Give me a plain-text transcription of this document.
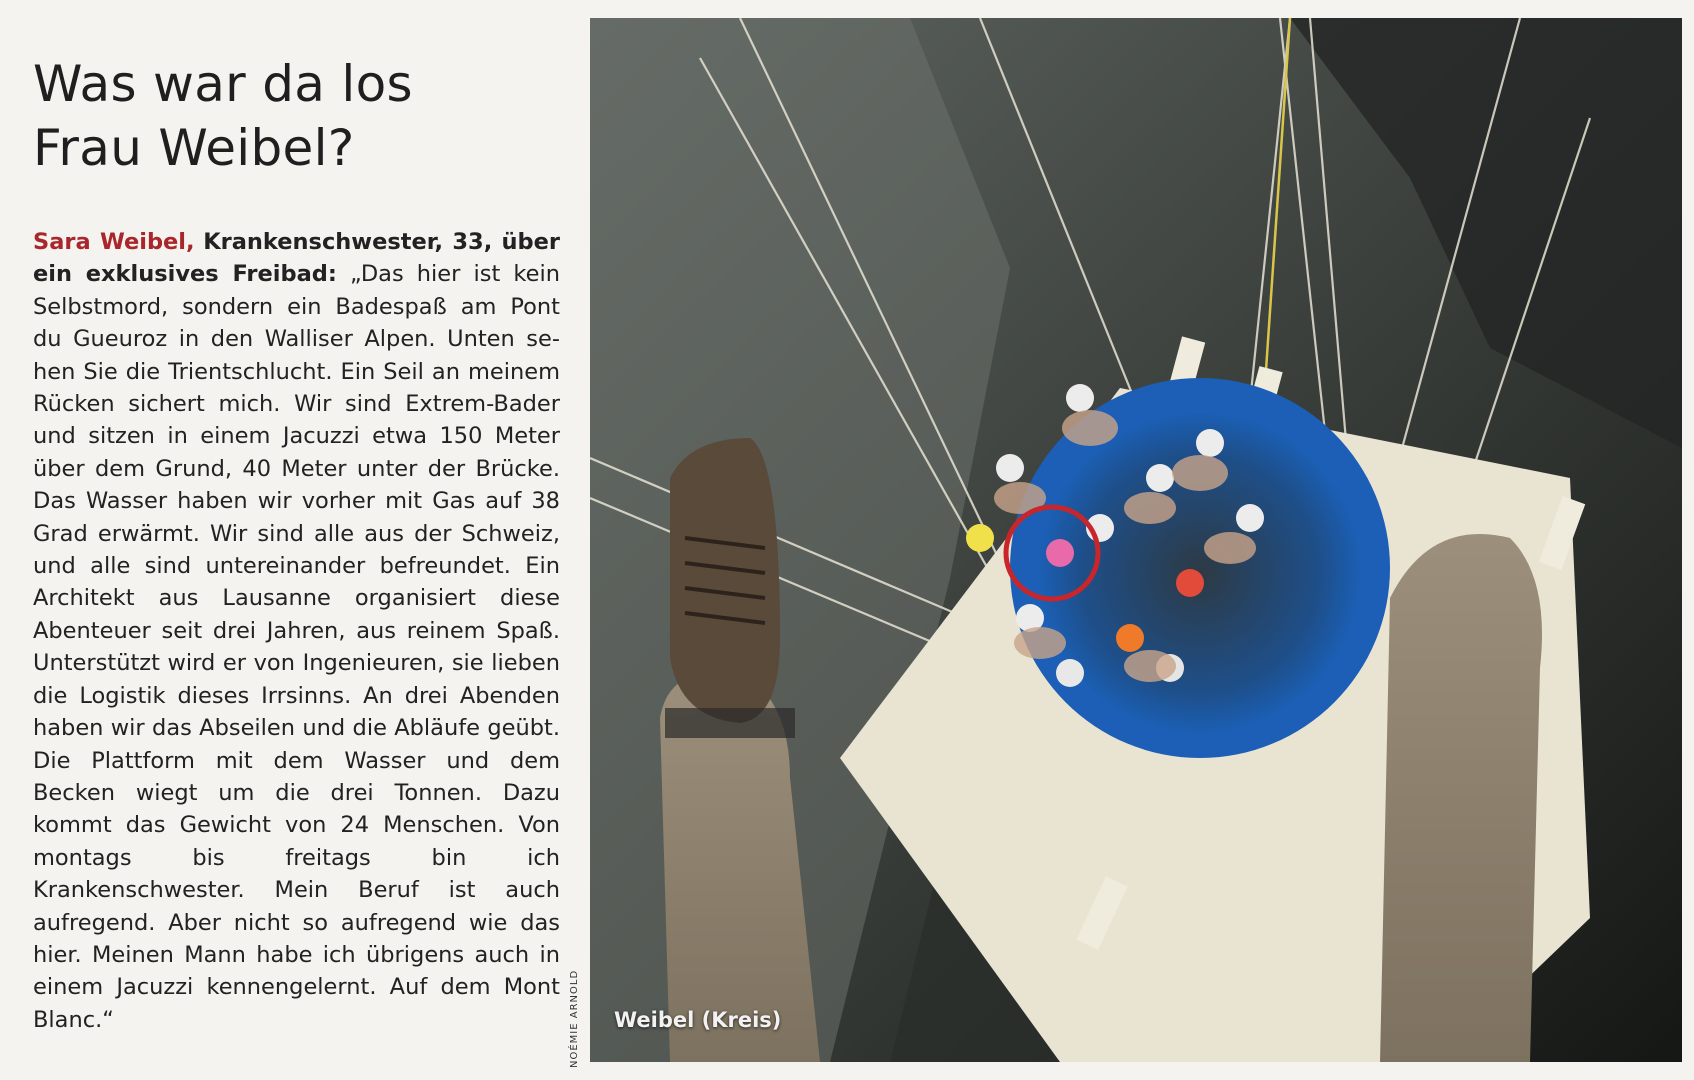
Was war da los
Frau Weibel?

Sara Weibel, Krankenschwester, 33, über ein exklusives Freibad: „Das hier ist kein Selbstmord, sondern ein Badespaß am Pont du Gueuroz in den Walliser Alpen. Unten sehen Sie die Trientschlucht. Ein Seil an meinem Rücken sichert mich. Wir sind Extrem-Bader und sitzen in einem Jacuzzi etwa 150 Meter über dem Grund, 40 Meter unter der Brücke. Das Wasser haben wir vorher mit Gas auf 38 Grad erwärmt. Wir sind alle aus der Schweiz, und alle sind untereinander befreundet. Ein Architekt aus Lausanne organisiert diese Abenteuer seit drei Jahren, aus reinem Spaß. Unterstützt wird er von Ingenieuren, sie lieben die Logistik dieses Irrsinns. An drei Abenden haben wir das Abseilen und die Abläufe geübt. Die Plattform mit dem Wasser und dem Becken wiegt um die drei Tonnen. Dazu kommt das Gewicht von 24 Menschen. Von montags bis freitags bin ich Krankenschwester. Mein Beruf ist auch aufregend. Aber nicht so aufregend wie das hier. Meinen Mann habe ich übrigens auch in einem Jacuzzi kennengelernt. Auf dem Mont Blanc.“	NOÉMIE ARNOLD Weibel (Kreis)
